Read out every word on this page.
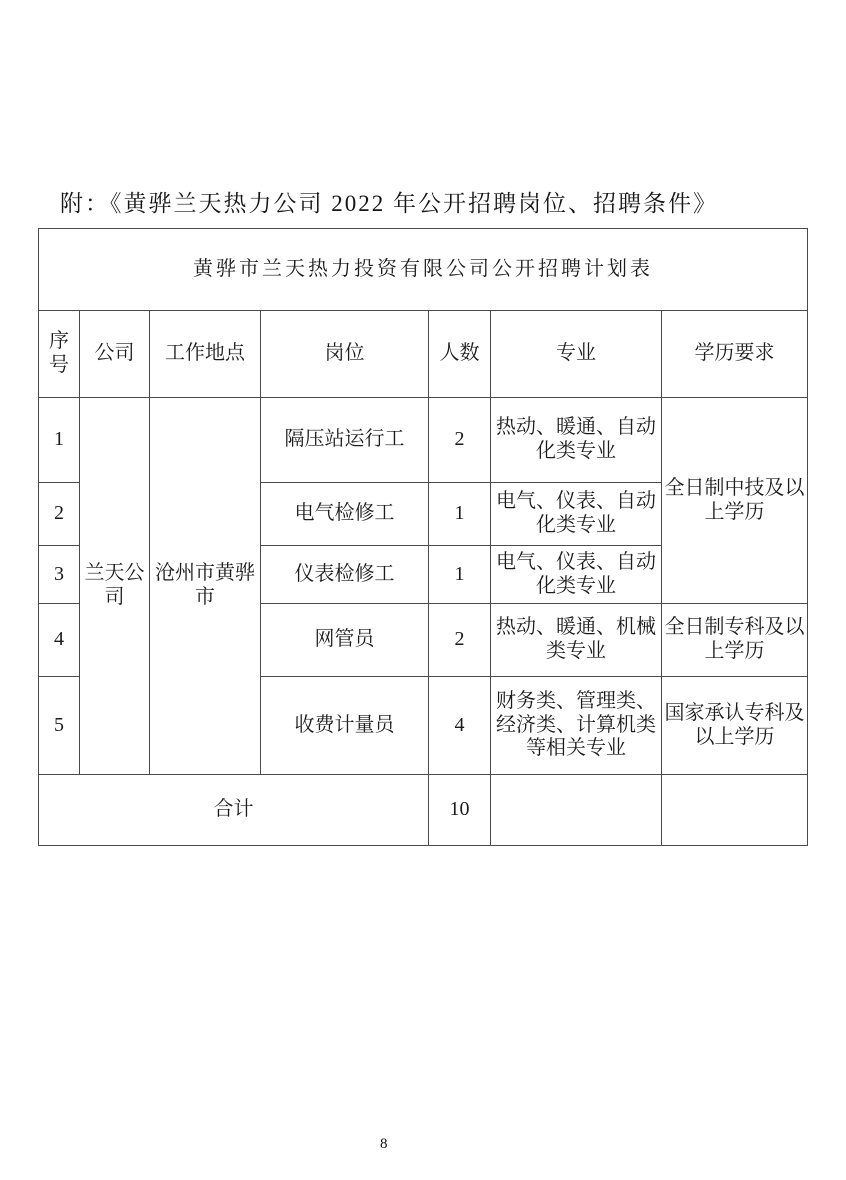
附：《黄骅兰天热力公司 2022 年公开招聘岗位、招聘条件》
黄骅市兰天热力投资有限公司公开招聘计划表						
序号	公司	工作地点	岗位	人数	专业	学历要求
1	兰天公司	沧州市黄骅市	隔压站运行工	2	热动、暖通、自动化类专业	全日制中技及以上学历
2			电气检修工	1	电气、仪表、自动化类专业	
3			仪表检修工	1	电气、仪表、自动化类专业	
4			网管员	2	热动、暖通、机械类专业	全日制专科及以上学历
5			收费计量员	4	财务类、管理类、经济类、计算机类等相关专业	国家承认专科及以上学历
合计				10		
8
